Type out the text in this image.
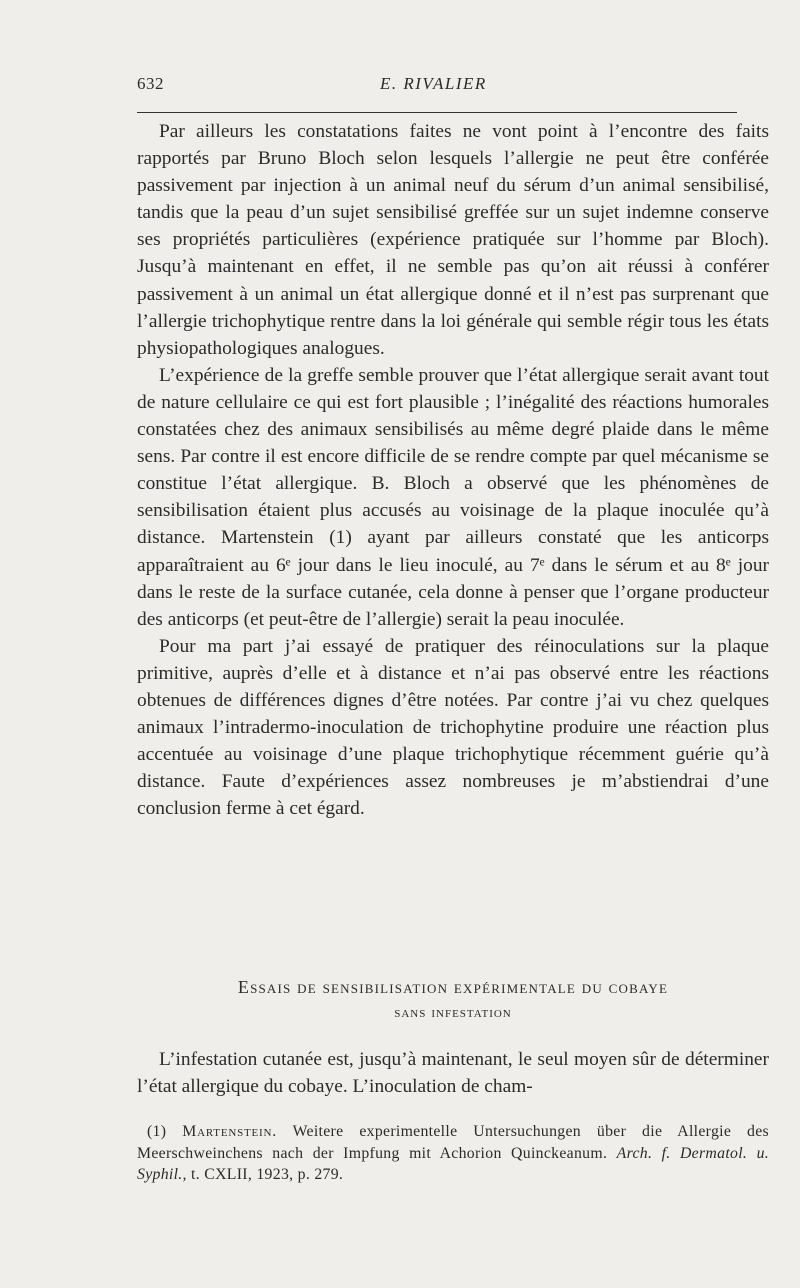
632	E. RIVALIER

Par ailleurs les constatations faites ne vont point à l’encontre des faits rapportés par Bruno Bloch selon lesquels l’allergie ne peut être conférée passivement par injection à un animal neuf du sérum d’un animal sensibilisé, tandis que la peau d’un sujet sensibilisé greffée sur un sujet indemne conserve ses propriétés particulières (expérience pratiquée sur l’homme par Bloch). Jusqu’à maintenant en effet, il ne semble pas qu’on ait réussi à conférer passivement à un animal un état allergique donné et il n’est pas surprenant que l’allergie trichophytique rentre dans la loi générale qui semble régir tous les états physiopathologiques analogues.

L’expérience de la greffe semble prouver que l’état allergique serait avant tout de nature cellulaire ce qui est fort plausible ; l’inégalité des réactions humorales constatées chez des animaux sensibilisés au même degré plaide dans le même sens. Par contre il est encore difficile de se rendre compte par quel mécanisme se constitue l’état allergique. B. Bloch a observé que les phénomènes de sensibilisation étaient plus accusés au voisinage de la plaque inoculée qu’à distance. Martenstein (1) ayant par ailleurs constaté que les anticorps apparaîtraient au 6ᵉ jour dans le lieu inoculé, au 7ᵉ dans le sérum et au 8ᵉ jour dans le reste de la surface cutanée, cela donne à penser que l’organe producteur des anticorps (et peut-être de l’allergie) serait la peau inoculée.

Pour ma part j’ai essayé de pratiquer des réinoculations sur la plaque primitive, auprès d’elle et à distance et n’ai pas observé entre les réactions obtenues de différences dignes d’être notées. Par contre j’ai vu chez quelques animaux l’intradermo-inoculation de trichophytine produire une réaction plus accentuée au voisinage d’une plaque trichophytique récemment guérie qu’à distance. Faute d’expériences assez nombreuses je m’abstiendrai d’une conclusion ferme à cet égard.

Essais de sensibilisation expérimentale du cobaye
sans infestation

L’infestation cutanée est, jusqu’à maintenant, le seul moyen sûr de déterminer l’état allergique du cobaye. L’inoculation de cham-

(1) Martenstein. Weitere experimentelle Untersuchungen über die Allergie des Meerschweinchens nach der Impfung mit Achorion Quinckeanum. Arch. f. Dermatol. u. Syphil., t. CXLII, 1923, p. 279.
